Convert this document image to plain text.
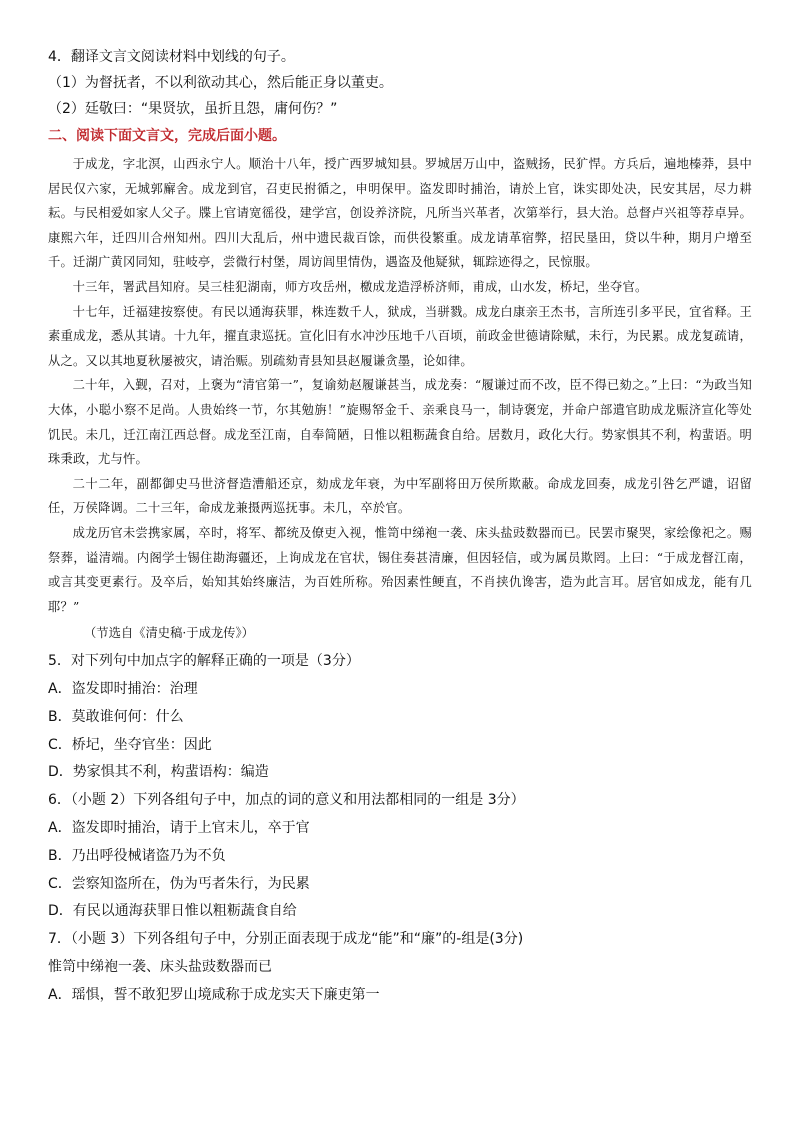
4．翻译文言文阅读材料中划线的句子。
（1）为督抚者，不以利欲动其心，然后能正身以董吏。
（2）廷敬曰：“果贤欤，虽折且怨，庸何伤？”
二、阅读下面文言文，完成后面小题。

于成龙，字北溟，山西永宁人。顺治十八年，授广西罗城知县。罗城居万山中，盗贼扬，民犷悍。方兵后，遍地榛莽，县中居民仅六家，无城郭廨舍。成龙到官，召吏民拊循之，申明保甲。盗发即时捕治，请於上官，诛实即处决，民安其居，尽力耕耘。与民相爱如家人父子。牒上官请宽徭役，建学宫，创设养济院，凡所当兴革者，次第举行，县大治。总督卢兴祖等荐卓异。康熙六年，迁四川合州知州。四川大乱后，州中遗民裁百馀，而供役繁重。成龙请革宿弊，招民垦田，贷以牛种，期月户增至千。迁湖广黄冈同知，驻岐亭，尝微行村堡，周访闾里情伪，遇盗及他疑狱，辄踪迹得之，民惊服。

十三年，署武昌知府。吴三桂犯湖南，师方攻岳州，檄成龙造浮桥济师，甫成，山水发，桥圮，坐夺官。

十七年，迁福建按察使。有民以通海获罪，株连数千人，狱成，当骈戮。成龙白康亲王杰书，言所连引多平民，宜省释。王素重成龙，悉从其请。十九年，擢直隶巡抚。宣化旧有水冲沙压地千八百顷，前政金世德请除赋，未行，为民累。成龙复疏请，从之。又以其地夏秋屡被灾，请治赈。别疏劾青县知县赵履谦贪墨，论如律。

二十年，入觐，召对，上褒为“清官第一”，复谕劾赵履谦甚当，成龙奏：“履谦过而不改，臣不得已劾之。”上曰：“为政当知大体，小聪小察不足尚。人贵始终一节，尔其勉旃！”旋赐帑金千、亲乘良马一，制诗褒宠，并命户部遣官助成龙赈济宣化等处饥民。未几，迁江南江西总督。成龙至江南，自奉简陋，日惟以粗粝蔬食自给。居数月，政化大行。势家惧其不利，构蜚语。明珠秉政，尤与忤。

二十二年，副都御史马世济督造漕船还京，劾成龙年衰，为中军副将田万侯所欺蔽。命成龙回奏，成龙引咎乞严谴，诏留任，万侯降调。二十三年，命成龙兼摄两巡抚事。未几，卒於官。

成龙历官未尝携家属，卒时，将军、都统及僚吏入视，惟笥中绨袍一袭、床头盐豉数器而已。民罢市聚哭，家绘像祀之。赐祭葬，谥清端。内阁学士锡住勘海疆还，上询成龙在官状，锡住奏甚清廉，但因轻信，或为属员欺罔。上曰：“于成龙督江南，或言其变更素行。及卒后，始知其始终廉洁，为百姓所称。殆因素性鲠直，不肖挟仇谗害，造为此言耳。居官如成龙，能有几耶？”

（节选自《清史稿·于成龙传》）
5．对下列句中加点字的解释正确的一项是（3分）
A．盗发即时捕治：治理
B．莫敢谁何何：什么
C．桥圮，坐夺官坐：因此
D．势家惧其不利，构蜚语构：编造
6．（小题 2）下列各组句子中，加点的词的意义和用法都相同的一组是 3分）
A．盗发即时捕治，请于上官末儿，卒于官
B．乃出呼役械诸盗乃为不负
C．尝察知盗所在，伪为丐者朱行，为民累
D．有民以通海获罪日惟以粗粝蔬食自给
7．（小题 3）下列各组句子中，分别正面表现于成龙“能”和“廉”的-组是(3分)
惟笥中绨袍一袭、床头盐豉数器而已
A．瑶惧，誓不敢犯罗山境咸称于成龙实天下廉吏第一
